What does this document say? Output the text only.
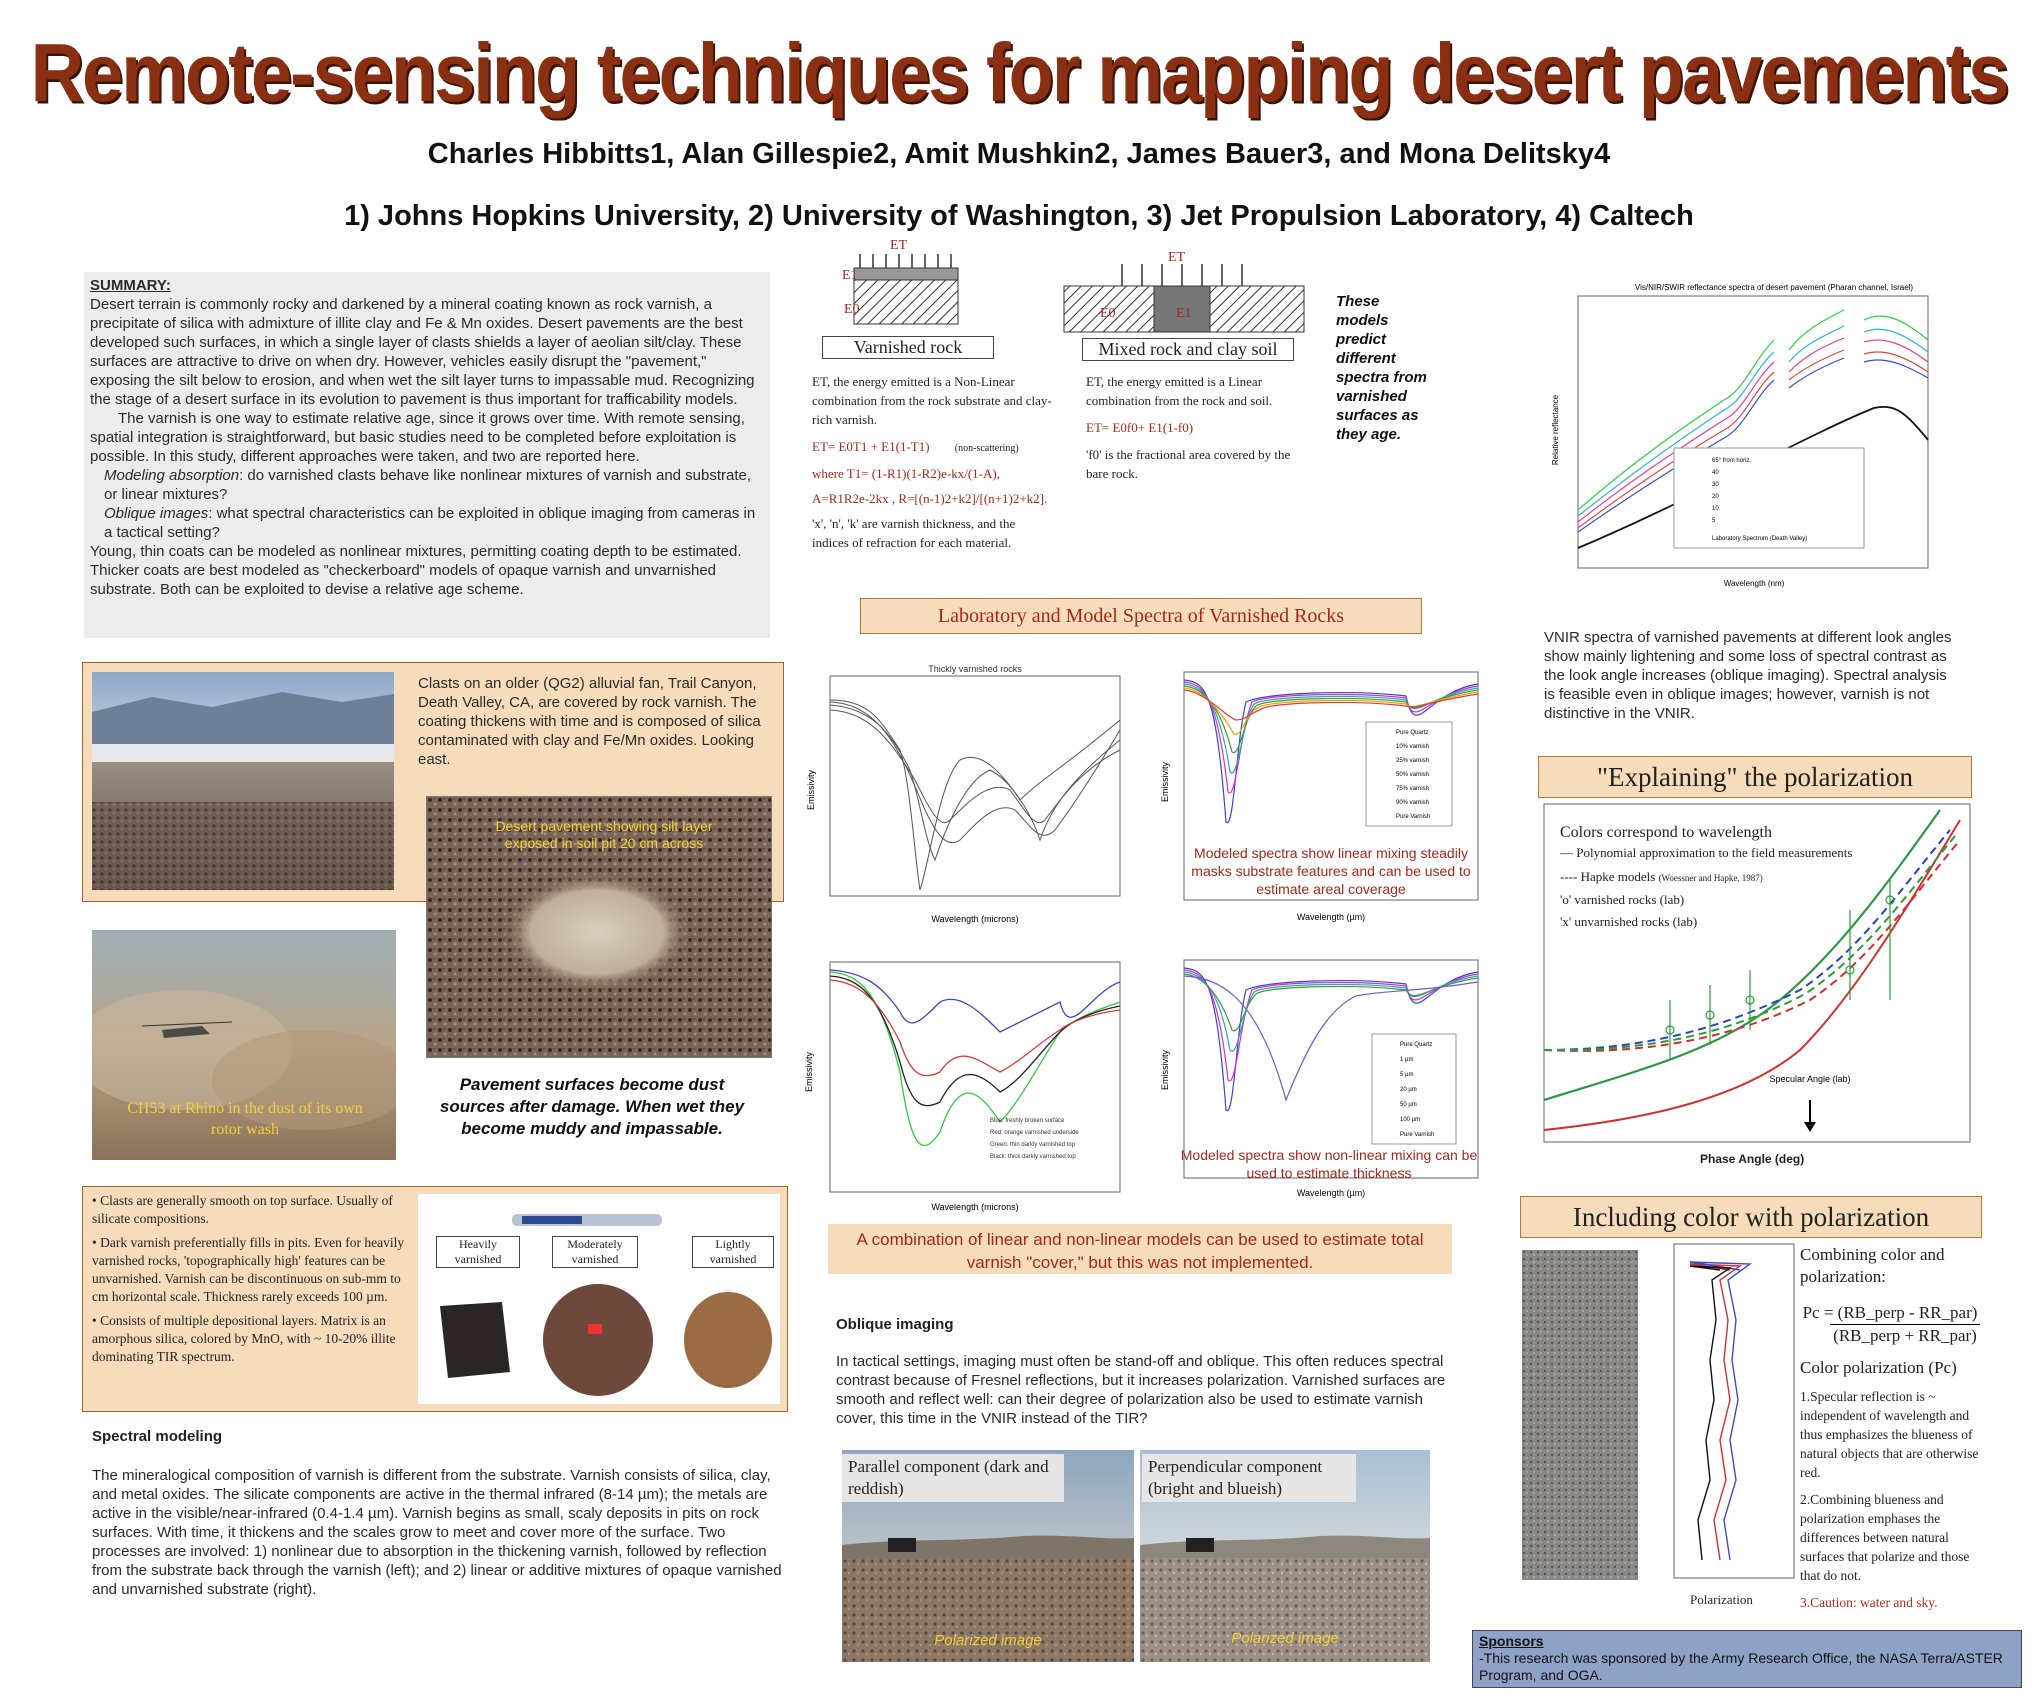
Remote-sensing techniques for mapping desert pavements
Charles Hibbitts1, Alan Gillespie2, Amit Mushkin2, James Bauer3, and Mona Delitsky4
1) Johns Hopkins University, 2) University of Washington, 3) Jet Propulsion Laboratory, 4) Caltech
SUMMARY:
Desert terrain is commonly rocky and darkened by a mineral coating known as rock varnish, a precipitate of silica with admixture of illite clay and Fe & Mn oxides. Desert pavements are the best developed such surfaces, in which a single layer of clasts shields a layer of aeolian silt/clay. These surfaces are attractive to drive on when dry. However, vehicles easily disrupt the "pavement," exposing the silt below to erosion, and when wet the silt layer turns to impassable mud. Recognizing the stage of a desert surface in its evolution to pavement is thus important for trafficability models.
The varnish is one way to estimate relative age, since it grows over time. With remote sensing, spatial integration is straightforward, but basic studies need to be completed before exploitation is possible. In this study, different approaches were taken, and two are reported here.
Modeling absorption: do varnished clasts behave like nonlinear mixtures of varnish and substrate, or linear mixtures?
Oblique images: what spectral characteristics can be exploited in oblique imaging from cameras in a tactical setting?
Young, thin coats can be modeled as nonlinear mixtures, permitting coating depth to be estimated. Thicker coats are best modeled as "checkerboard" models of opaque varnish and unvarnished substrate. Both can be exploited to devise a relative age scheme.
Clasts on an older (QG2) alluvial fan, Trail Canyon, Death Valley, CA, are covered by rock varnish. The coating thickens with time and is composed of silica contaminated with clay and Fe/Mn oxides. Looking east.
Desert pavement showing silt layer exposed in soil pit 20 cm across
CH53 at Rhino in the dust of its own rotor wash
Pavement surfaces become dust sources after damage. When wet they become muddy and impassable.
• Clasts are generally smooth on top surface. Usually of silicate compositions.
• Dark varnish preferentially fills in pits. Even for heavily varnished rocks, 'topographically high' features can be unvarnished. Varnish can be discontinuous on sub-mm to cm horizontal scale. Thickness rarely exceeds 100 µm.
• Consists of multiple depositional layers. Matrix is an amorphous silica, colored by MnO, with ~ 10-20% illite dominating TIR spectrum.
Heavily varnished
Moderately varnished
Lightly varnished
Spectral modeling
The mineralogical composition of varnish is different from the substrate. Varnish consists of silica, clay, and metal oxides. The silicate components are active in the thermal infrared (8-14 µm); the metals are active in the visible/near-infrared (0.4-1.4 µm). Varnish begins as small, scaly deposits in pits on rock surfaces. With time, it thickens and the scales grow to meet and cover more of the surface. Two processes are involved: 1) nonlinear due to absorption in the thickening varnish, followed by reflection from the substrate back through the varnish (left); and 2) linear or additive mixtures of opaque varnished and unvarnished substrate (right).
ET
E1
E0
Varnished rock
ET
E0	E1
Mixed rock and clay soil
ET, the energy emitted is a Non-Linear combination from the rock substrate and clay-rich varnish.
ET= E0T1 + E1(1-T1)	(non-scattering)
where T1= (1-R1)(1-R2)e-kx/(1-A),
A=R1R2e-2kx , R=[(n-1)2+k2]/[(n+1)2+k2].
'x', 'n', 'k' are varnish thickness, and the indices of refraction for each material.
ET, the energy emitted is a Linear combination from the rock and soil.
ET= E0f0+ E1(1-f0)
'f0' is the fractional area covered by the bare rock.
These models predict different spectra from varnished surfaces as they age.
Laboratory and Model Spectra of Varnished Rocks
Thickly varnished rocks
Emissivity
Wavelength (microns)
Pure Quartz
10% varnish
25% varnish
50% varnish
75% varnish
90% varnish
Pure Varnish
Emissivity
Wavelength (µm)
Modeled spectra show linear mixing steadily masks substrate features and can be used to estimate areal coverage
Blue: freshly broken surface
Red: orange varnished underside
Green: thin darkly varnished top
Black: thick darkly varnished top
Emissivity
Wavelength (microns)
Pure Quartz
1 µm
5 µm
20 µm
50 µm
100 µm
Pure Varnish
Emissivity
Wavelength (µm)
Modeled spectra show non-linear mixing can be used to estimate thickness
A combination of linear and non-linear models can be used to estimate total varnish "cover," but this was not implemented.
Oblique imaging
In tactical settings, imaging must often be stand-off and oblique. This often reduces spectral contrast because of Fresnel reflections, but it increases polarization. Varnished surfaces are smooth and reflect well: can their degree of polarization also be used to estimate varnish cover, this time in the VNIR instead of the TIR?
Parallel component (dark and reddish)
Polarized image
Perpendicular component (bright and blueish)
Polarized image
Vis/NIR/SWIR reflectance spectra of desert pavement (Pharan channel, Israel)
65° from horiz.
40
30
20
10
5
Laboratory Spectrum (Death Valley)
Relative reflectance
Wavelength (nm)
VNIR spectra of varnished pavements at different look angles show mainly lightening and some loss of spectral contrast as the look angle increases (oblique imaging). Spectral analysis is feasible even in oblique images; however, varnish is not distinctive in the VNIR.
"Explaining" the polarization
Specular Angle (lab)
Colors correspond to wavelength
— Polynomial approximation to the field measurements
---- Hapke models (Woessner and Hapke, 1987)
'o' varnished rocks (lab)
'x' unvarnished rocks (lab)
Phase Angle (deg)
Including color with polarization
Polarization
Combining color and polarization:
Pc = (RB_perp - RR_par)
(RB_perp + RR_par)
Color polarization (Pc)
1.Specular reflection is ~ independent of wavelength and thus emphasizes the blueness of natural objects that are otherwise red.
2.Combining blueness and polarization emphases the differences between natural surfaces that polarize and those that do not.
3.Caution: water and sky.
Sponsors
-This research was sponsored by the Army Research Office, the NASA Terra/ASTER Program, and OGA.
